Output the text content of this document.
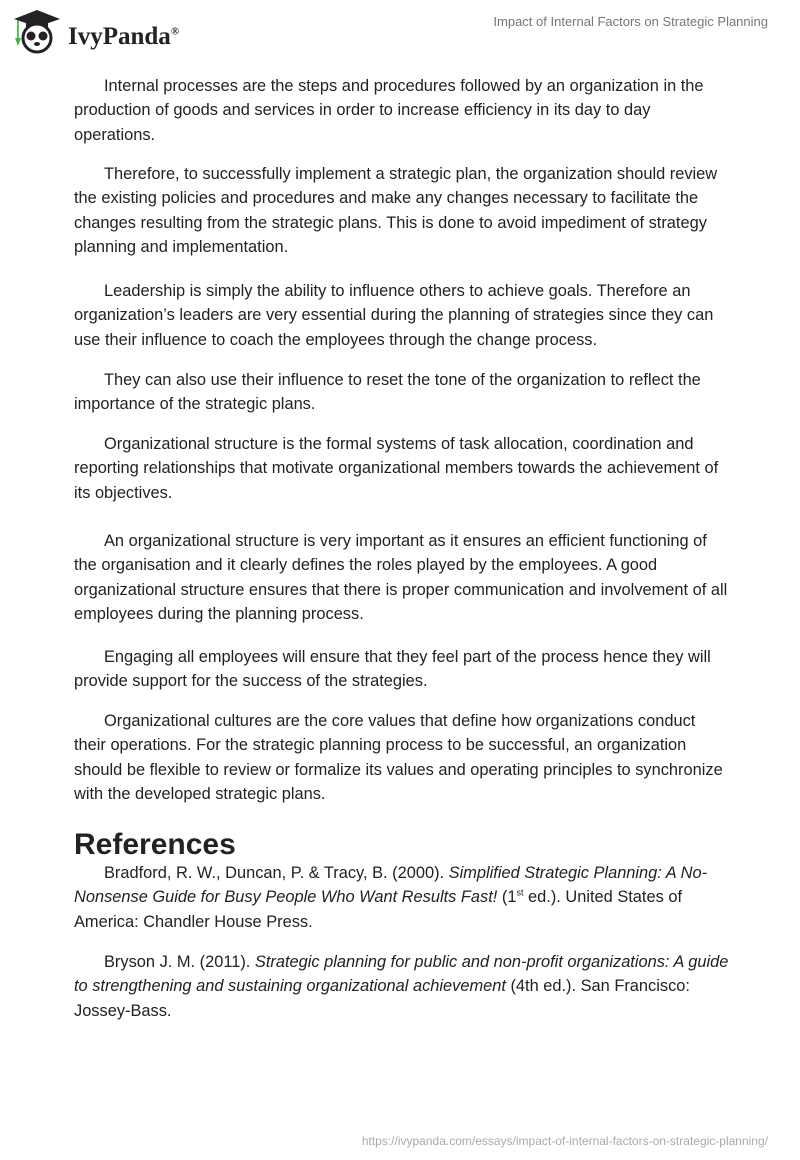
IvyPanda®
Impact of Internal Factors on Strategic Planning

Internal processes are the steps and procedures followed by an organization in the production of goods and services in order to increase efficiency in its day to day operations.

Therefore, to successfully implement a strategic plan, the organization should review the existing policies and procedures and make any changes necessary to facilitate the changes resulting from the strategic plans. This is done to avoid impediment of strategy planning and implementation.

Leadership is simply the ability to influence others to achieve goals. Therefore an organization’s leaders are very essential during the planning of strategies since they can use their influence to coach the employees through the change process.

They can also use their influence to reset the tone of the organization to reflect the importance of the strategic plans.

Organizational structure is the formal systems of task allocation, coordination and reporting relationships that motivate organizational members towards the achievement of its objectives.

An organizational structure is very important as it ensures an efficient functioning of the organisation and it clearly defines the roles played by the employees. A good organizational structure ensures that there is proper communication and involvement of all employees during the planning process.

Engaging all employees will ensure that they feel part of the process hence they will provide support for the success of the strategies.

Organizational cultures are the core values that define how organizations conduct their operations. For the strategic planning process to be successful, an organization should be flexible to review or formalize its values and operating principles to synchronize with the developed strategic plans.

References

Bradford, R. W., Duncan, P. & Tracy, B. (2000). Simplified Strategic Planning: A No-Nonsense Guide for Busy People Who Want Results Fast! (1st ed.). United States of America: Chandler House Press.

Bryson J. M. (2011). Strategic planning for public and non-profit organizations: A guide to strengthening and sustaining organizational achievement (4th ed.). San Francisco: Jossey-Bass.

https://ivypanda.com/essays/impact-of-internal-factors-on-strategic-planning/
